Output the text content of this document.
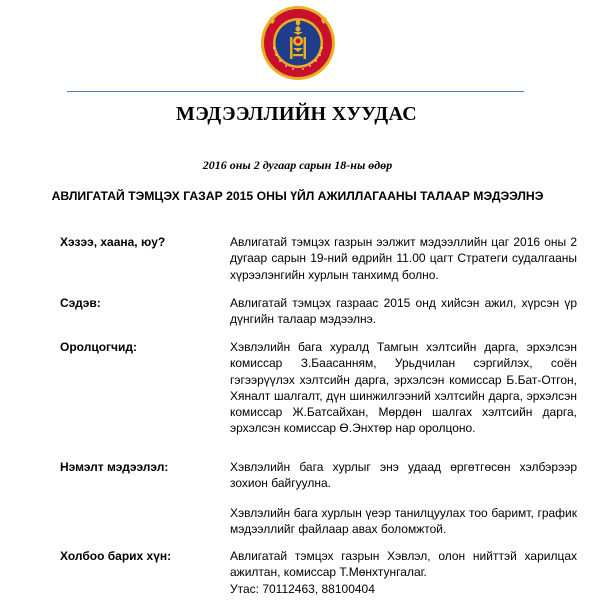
МЭДЭЭЛЛИЙН ХУУДАС
2016 оны 2 дугаар сарын 18-ны өдөр
АВЛИГАТАЙ ТЭМЦЭХ ГАЗАР 2015 ОНЫ ҮЙЛ АЖИЛЛАГААНЫ ТАЛААР МЭДЭЭЛНЭ
Хэзээ, хаана, юу?	Авлигатай тэмцэх газрын ээлжит мэдээллийн цаг 2016 оны 2 дугаар сарын 19-ний өдрийн 11.00 цагт Стратеги судалгааны хүрээлэнгийн хурлын танхимд болно.
Сэдэв:	Авлигатай тэмцэх газраас 2015 онд хийсэн ажил, хүрсэн үр дүнгийн талаар мэдээлнэ.
Оролцогчид:	Хэвлэлийн бага хуралд Тамгын хэлтсийн дарга, эрхэлсэн комиссар З.Баасанням, Урьдчилан сэргийлэх, соён гэгээрүүлэх хэлтсийн дарга, эрхэлсэн комиссар Б.Бат-Отгон, Хяналт шалгалт, дүн шинжилгээний хэлтсийн дарга, эрхэлсэн комиссар Ж.Батсайхан, Мөрдөн шалгах хэлтсийн дарга, эрхэлсэн комиссар Ө.Энхтөр нар оролцоно.
Нэмэлт мэдээлэл:	Хэвлэлийн бага хурлыг энэ удаад өргөтгөсөн хэлбэрээр зохион байгуулна.

Хэвлэлийн бага хурлын үеэр танилцуулах тоо баримт, график мэдээллийг файлаар авах боломжтой.

Холбоо барих хүн:	Авлигатай тэмцэх газрын Хэвлэл, олон нийттэй харилцах ажилтан, комиссар Т.Мөнхтунгалаг.
Утас: 70112463, 88100404
